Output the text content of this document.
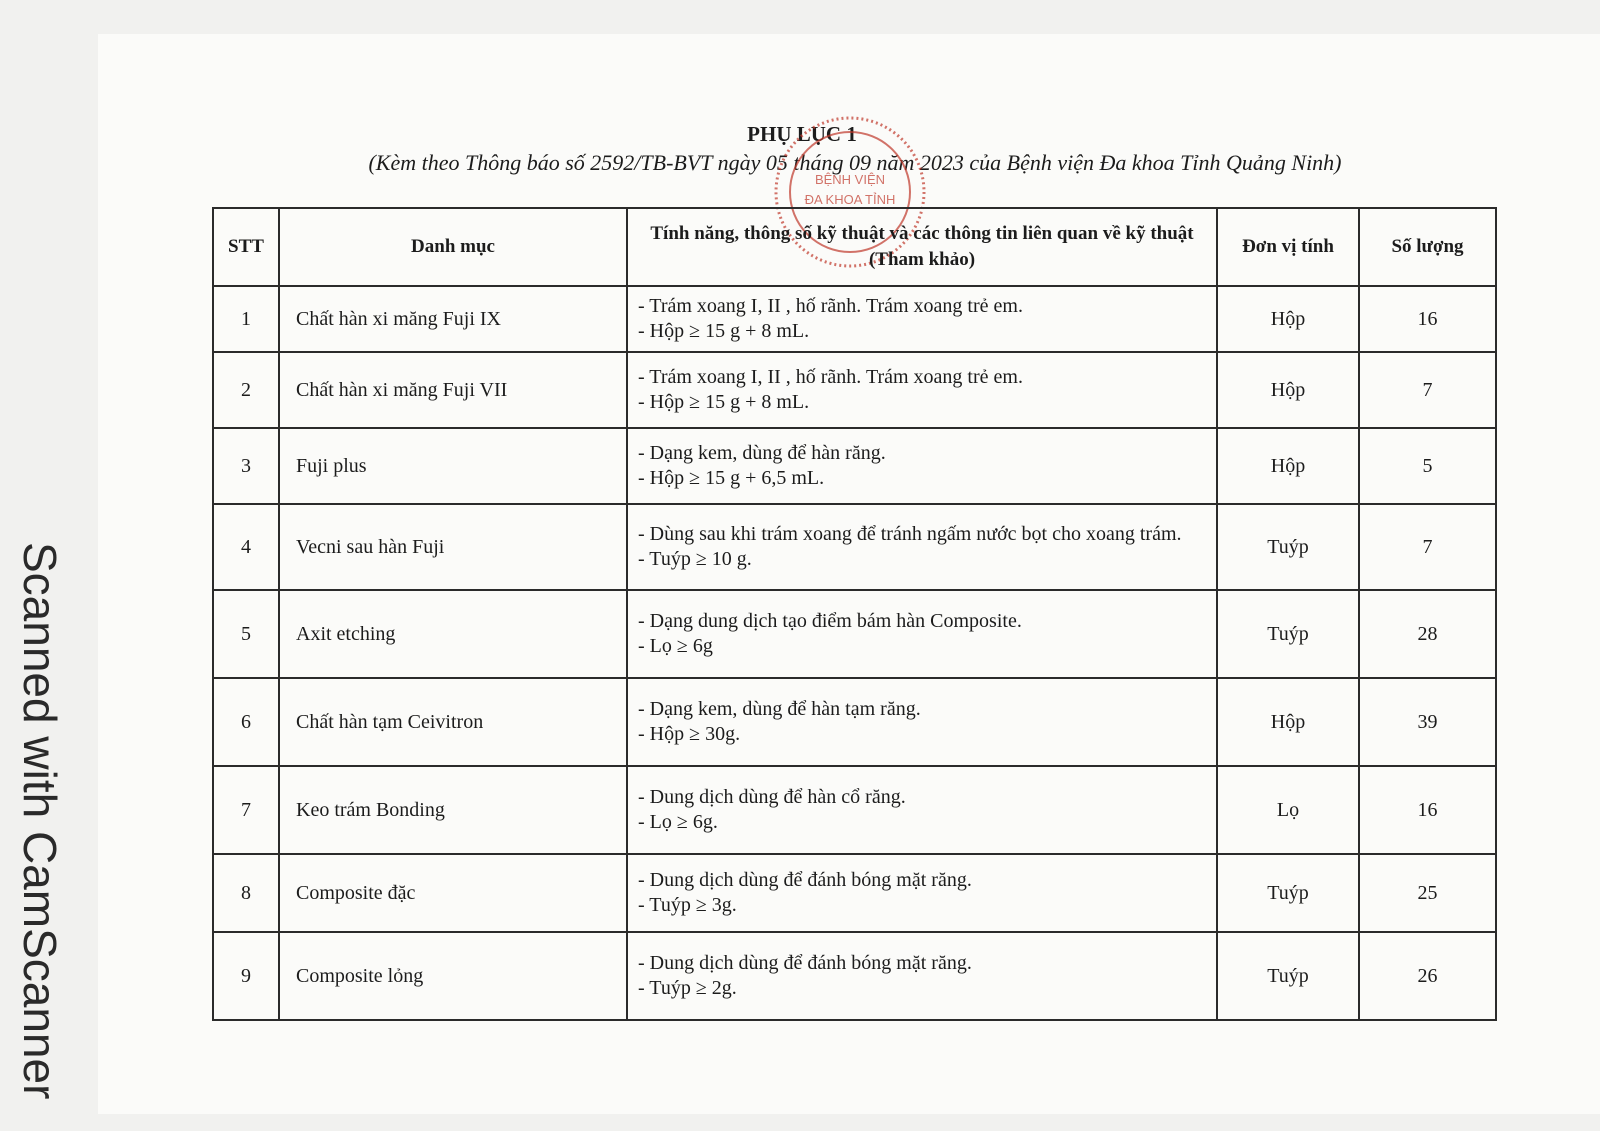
Scanned with CamScanner
PHỤ LỤC 1
(Kèm theo Thông báo số 2592/TB-BVT ngày 05 tháng 09 năm 2023 của Bệnh viện Đa khoa Tỉnh Quảng Ninh)
BỆNH VIỆN
ĐA KHOA TỈNH
STT	Danh mục	Tính năng, thông số kỹ thuật và các thông tin liên quan về kỹ thuật (Tham khảo)	Đơn vị tính	Số lượng
1	Chất hàn xi măng Fuji IX	- Trám xoang I, II , hố rãnh. Trám xoang trẻ em.
- Hộp ≥ 15 g + 8 mL.	Hộp	16
2	Chất hàn xi măng Fuji VII	- Trám xoang I, II , hố rãnh. Trám xoang trẻ em.
- Hộp ≥ 15 g + 8 mL.	Hộp	7
3	Fuji plus	- Dạng kem, dùng để hàn răng.
- Hộp ≥ 15 g + 6,5 mL.	Hộp	5
4	Vecni sau hàn Fuji	- Dùng sau khi trám xoang để tránh ngấm nước bọt cho xoang trám.
- Tuýp ≥ 10 g.	Tuýp	7
5	Axit etching	- Dạng dung dịch tạo điểm bám hàn Composite.
- Lọ ≥ 6g	Tuýp	28
6	Chất hàn tạm Ceivitron	- Dạng kem, dùng để hàn tạm răng.
- Hộp ≥ 30g.	Hộp	39
7	Keo trám Bonding	- Dung dịch dùng để hàn cổ răng.
- Lọ ≥ 6g.	Lọ	16
8	Composite đặc	- Dung dịch dùng để đánh bóng mặt răng.
- Tuýp ≥ 3g.	Tuýp	25
9	Composite lỏng	- Dung dịch dùng để đánh bóng mặt răng.
- Tuýp ≥ 2g.	Tuýp	26
